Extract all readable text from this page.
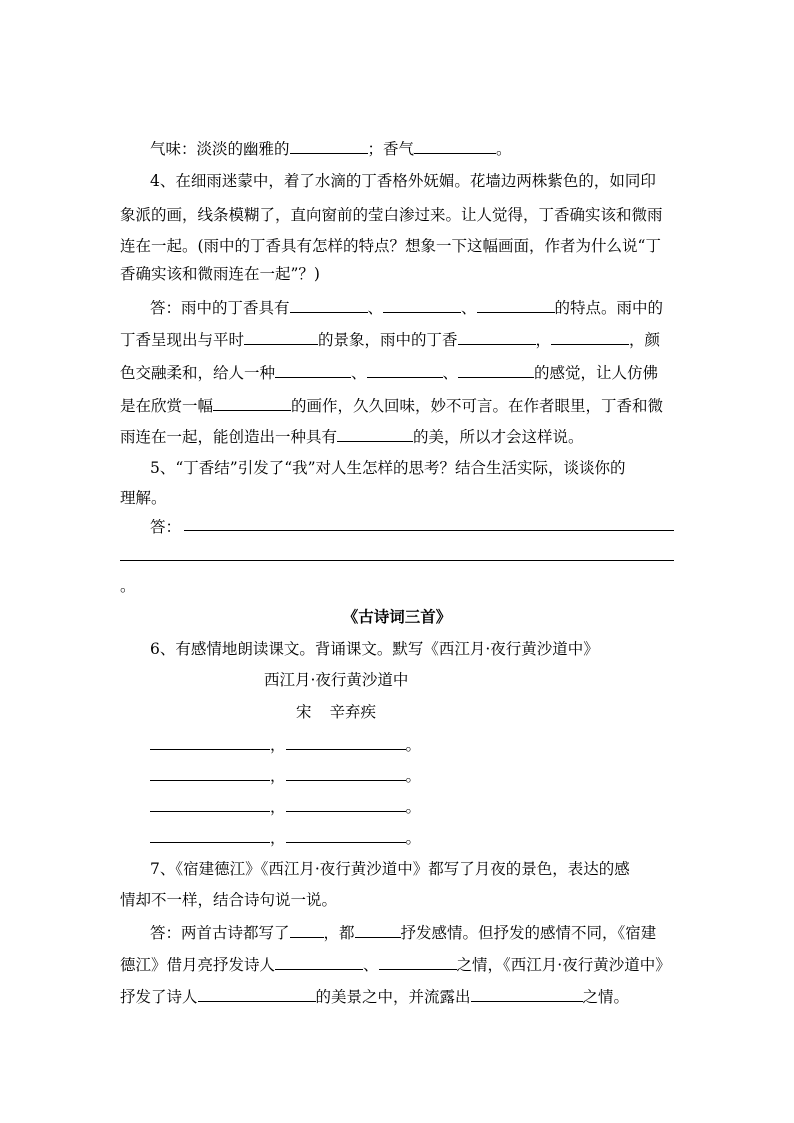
气味：淡淡的幽雅的	；香气	。
4、在细雨迷蒙中，着了水滴的丁香格外妩媚。花墙边两株紫色的，如同印
象派的画，线条模糊了，直向窗前的莹白渗过来。让人觉得，丁香确实该和微雨
连在一起。(雨中的丁香具有怎样的特点？想象一下这幅画面，作者为什么说“丁
香确实该和微雨连在一起”？)
答：雨中的丁香具有	、	、	的特点。雨中的
丁香呈现出与平时	的景象，雨中的丁香	，	，颜
色交融柔和，给人一种	、	、	的感觉，让人仿佛
是在欣赏一幅	的画作，久久回味，妙不可言。在作者眼里，丁香和微
雨连在一起，能创造出一种具有	的美，所以才会这样说。
5、“丁香结”引发了“我”对人生怎样的思考？结合生活实际，谈谈你的
理解。
答：
。
《古诗词三首》
6、有感情地朗读课文。背诵课文。默写《西江月·夜行黄沙道中》
西江月·夜行黄沙道中
宋 辛弃疾
，	。
，	。
，	。
，	。
7、《宿建德江》《西江月·夜行黄沙道中》都写了月夜的景色，表达的感
情却不一样，结合诗句说一说。
答：两首古诗都写了 ，都	抒发感情。但抒发的感情不同，《宿建
德江》借月亮抒发诗人	、	之情，《西江月·夜行黄沙道中》
抒发了诗人	的美景之中，并流露出	之情。
